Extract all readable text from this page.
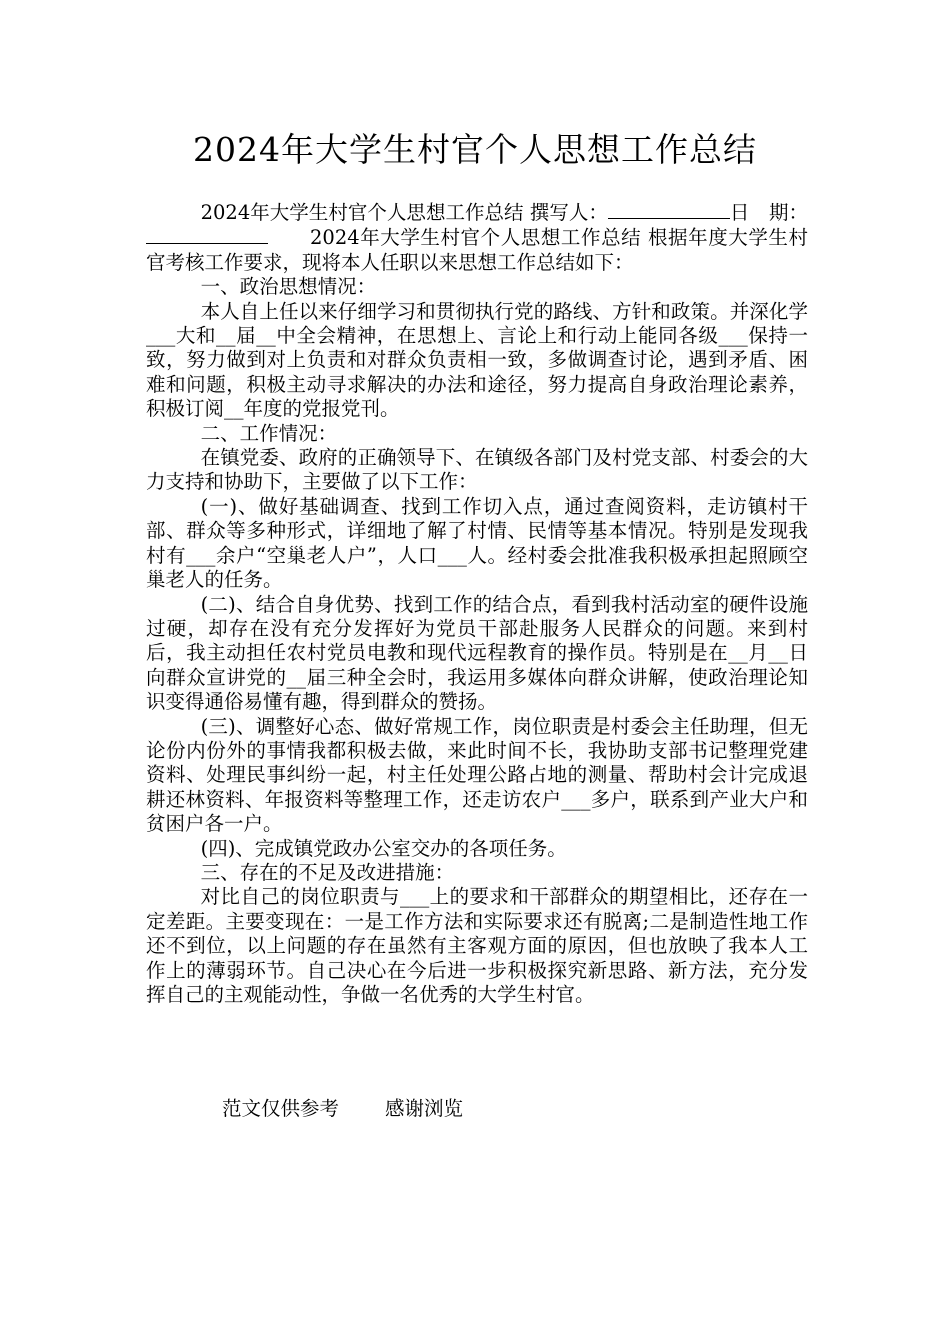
2024年大学生村官个人思想工作总结

2024年大学生村官个人思想工作总结 撰写人：	日　期：2024年大学生村官个人思想工作总结 根据年度大学生村官考核工作要求，现将本人任职以来思想工作总结如下：

一、政治思想情况：

本人自上任以来仔细学习和贯彻执行党的路线、方针和政策。并深化学___大和__届__中全会精神，在思想上、言论上和行动上能同各级___保持一致，努力做到对上负责和对群众负责相一致，多做调查讨论，遇到矛盾、困难和问题，积极主动寻求解决的办法和途径，努力提高自身政治理论素养，积极订阅__年度的党报党刊。

二、工作情况：

在镇党委、政府的正确领导下、在镇级各部门及村党支部、村委会的大力支持和协助下，主要做了以下工作：

(一)、做好基础调查、找到工作切入点，通过查阅资料，走访镇村干部、群众等多种形式，详细地了解了村情、民情等基本情况。特别是发现我村有___余户“空巢老人户”，人口___人。经村委会批准我积极承担起照顾空巢老人的任务。

(二)、结合自身优势、找到工作的结合点，看到我村活动室的硬件设施过硬，却存在没有充分发挥好为党员干部赴服务人民群众的问题。来到村后，我主动担任农村党员电教和现代远程教育的操作员。特别是在__月__日向群众宣讲党的__届三种全会时，我运用多媒体向群众讲解，使政治理论知识变得通俗易懂有趣，得到群众的赞扬。

(三)、调整好心态、做好常规工作，岗位职责是村委会主任助理，但无论份内份外的事情我都积极去做，来此时间不长，我协助支部书记整理党建资料、处理民事纠纷一起，村主任处理公路占地的测量、帮助村会计完成退耕还林资料、年报资料等整理工作，还走访农户___多户，联系到产业大户和贫困户各一户。

(四)、完成镇党政办公室交办的各项任务。

三、存在的不足及改进措施：

对比自己的岗位职责与___上的要求和干部群众的期望相比，还存在一定差距。主要变现在：一是工作方法和实际要求还有脱离;二是制造性地工作还不到位，以上问题的存在虽然有主客观方面的原因，但也放映了我本人工作上的薄弱环节。自己决心在今后进一步积极探究新思路、新方法，充分发挥自己的主观能动性，争做一名优秀的大学生村官。

范文仅供参考 感谢浏览
